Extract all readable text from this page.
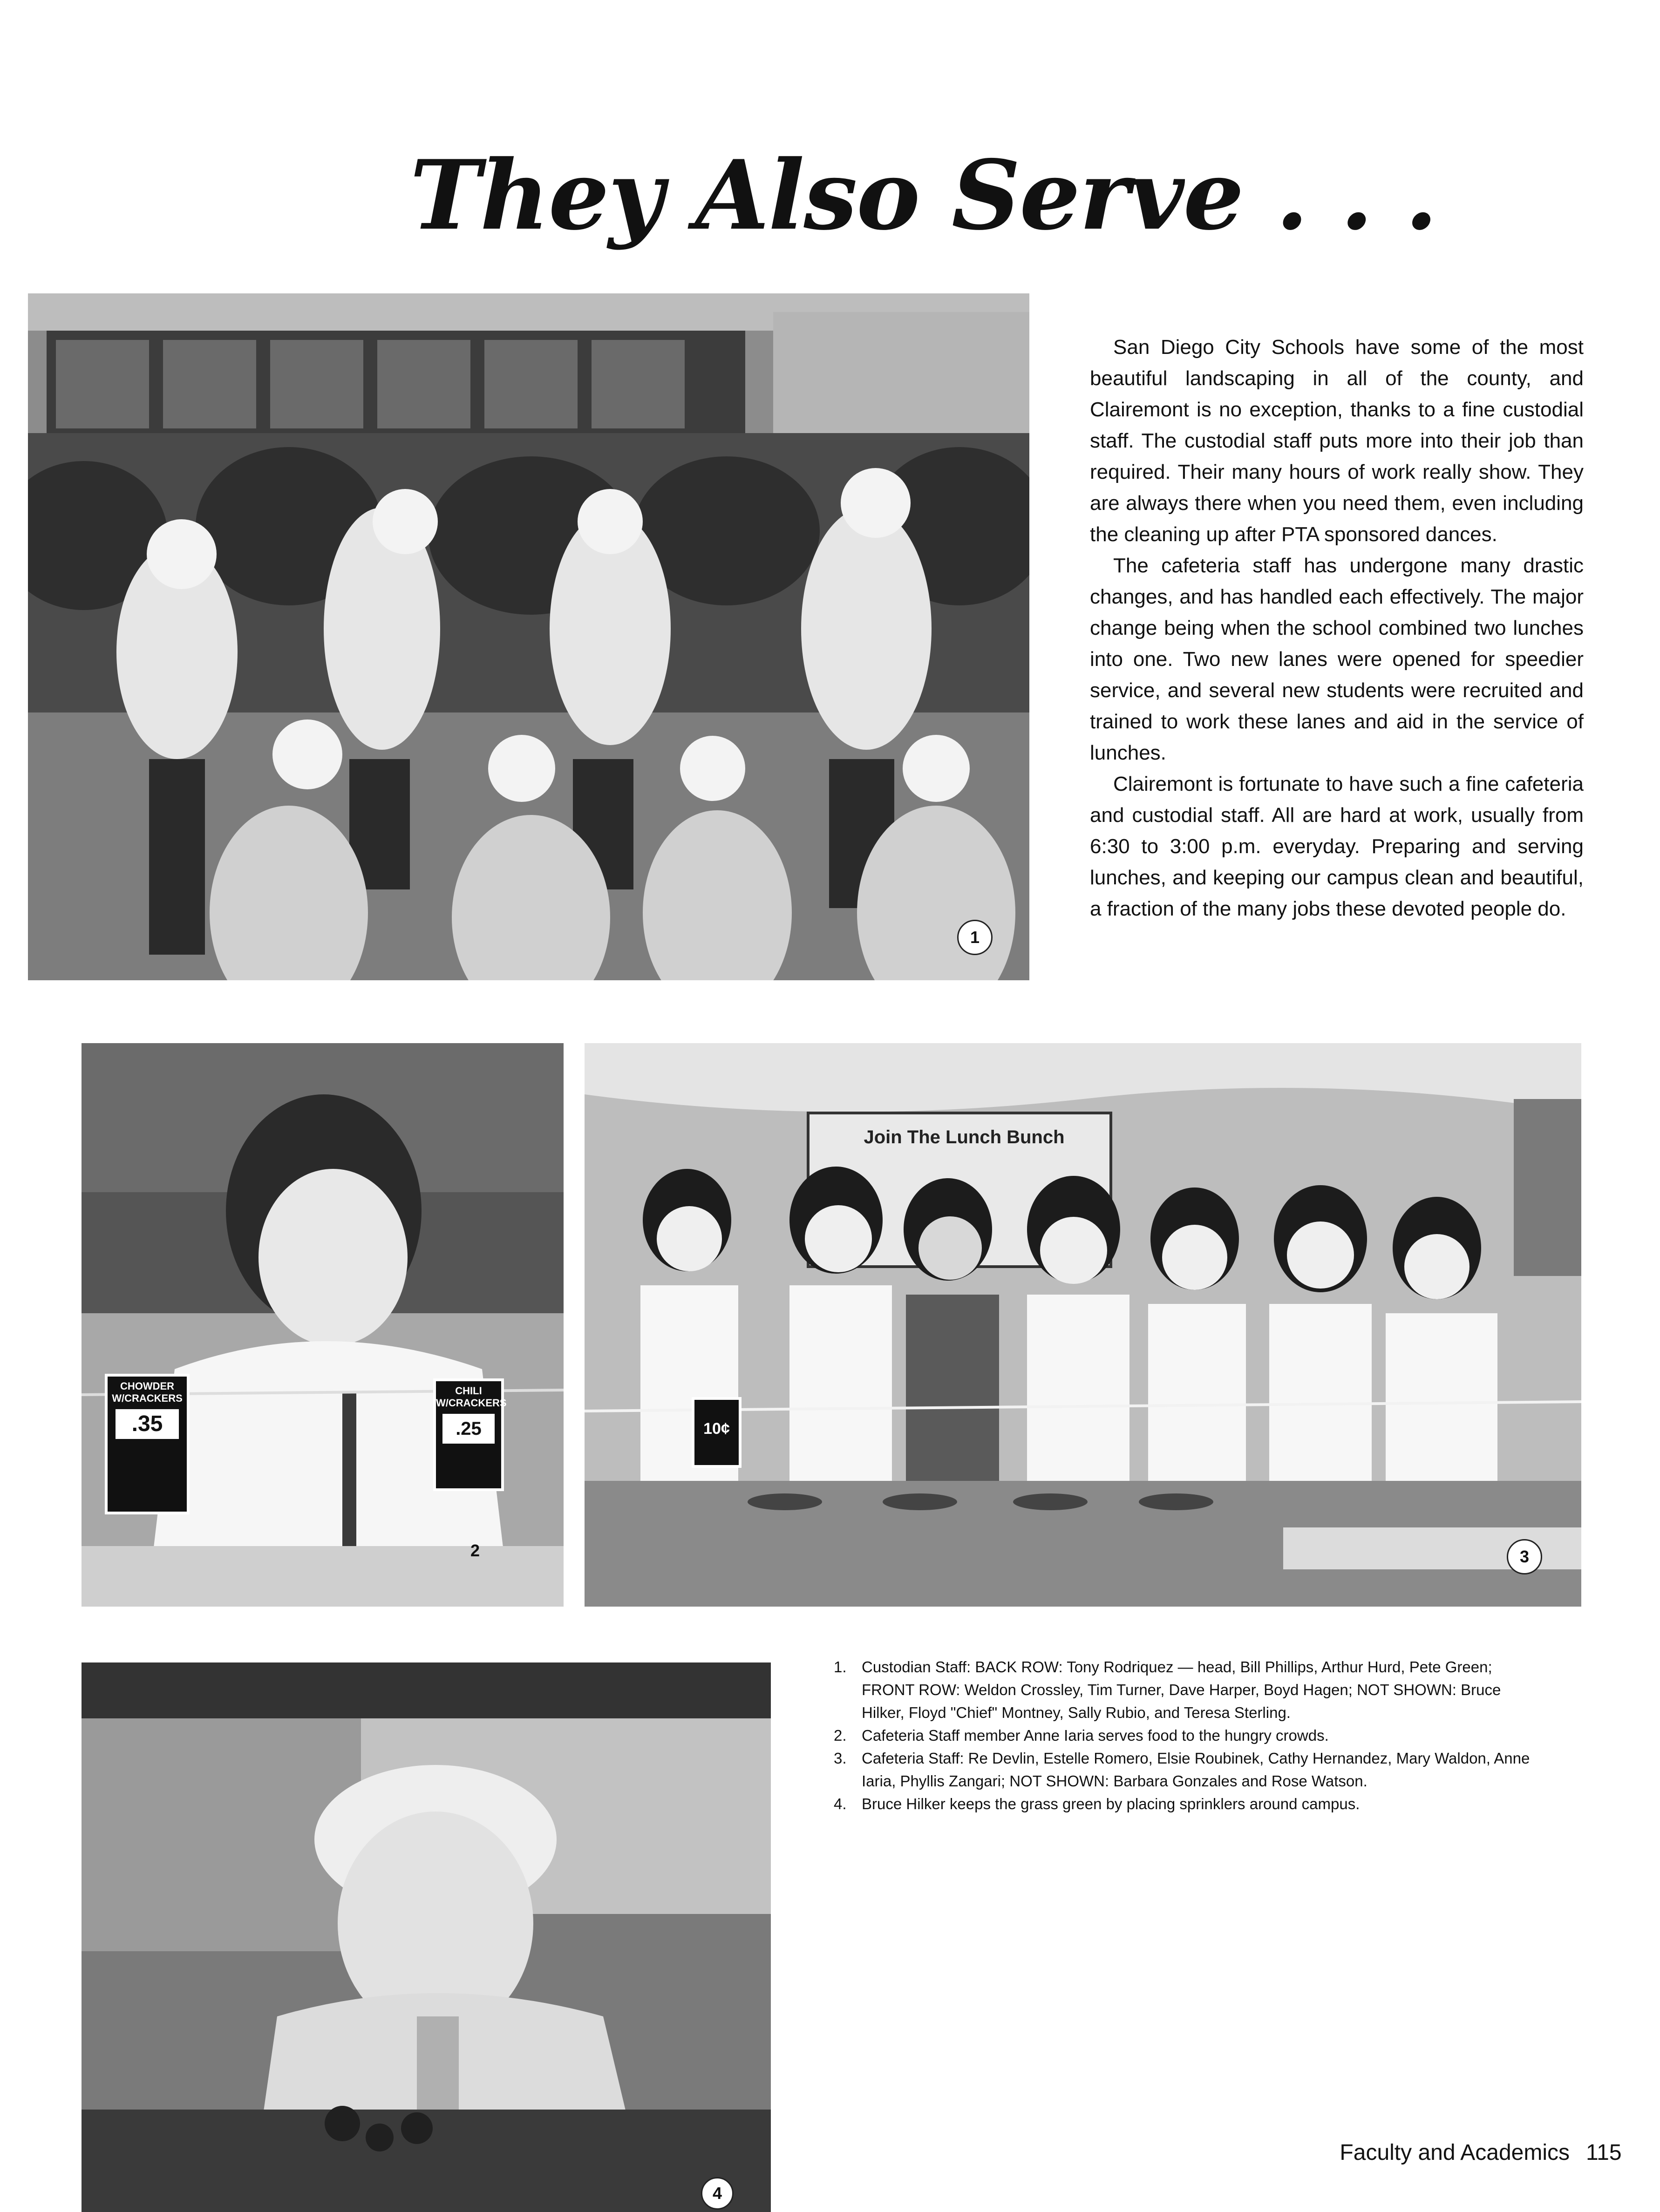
They Also Serve . . .
1

San Diego City Schools have some of the most beautiful landscaping in all of the county, and Clairemont is no exception, thanks to a fine custodial staff. The custodial staff puts more into their job than required. Their many hours of work really show. They are always there when you need them, even including the cleaning up after PTA sponsored dances.

The cafeteria staff has undergone many drastic changes, and has handled each effectively. The major change being when the school combined two lunches into one. Two new lanes were opened for speedier service, and several new students were recruited and trained to work these lanes and aid in the service of lunches.

Clairemont is fortunate to have such a fine cafeteria and custodial staff. All are hard at work, usually from 6:30 to 3:00 p.m. everyday. Preparing and serving lunches, and keeping our campus clean and beautiful, a fraction of the many jobs these devoted people do.

CHOWDER W/CRACKERS
.35
CHILI W/CRACKERS
.25
2
Join The Lunch Bunch
10¢
3
4
1. Custodian Staff: BACK ROW: Tony Rodriquez — head, Bill Phillips, Arthur Hurd, Pete Green; FRONT ROW: Weldon Crossley, Tim Turner, Dave Harper, Boyd Hagen; NOT SHOWN: Bruce Hilker, Floyd "Chief" Montney, Sally Rubio, and Teresa Sterling.
2. Cafeteria Staff member Anne Iaria serves food to the hungry crowds.
3. Cafeteria Staff: Re Devlin, Estelle Romero, Elsie Roubinek, Cathy Hernandez, Mary Waldon, Anne Iaria, Phyllis Zangari; NOT SHOWN: Barbara Gonzales and Rose Watson.
4. Bruce Hilker keeps the grass green by placing sprinklers around campus.
Faculty and Academics 115
